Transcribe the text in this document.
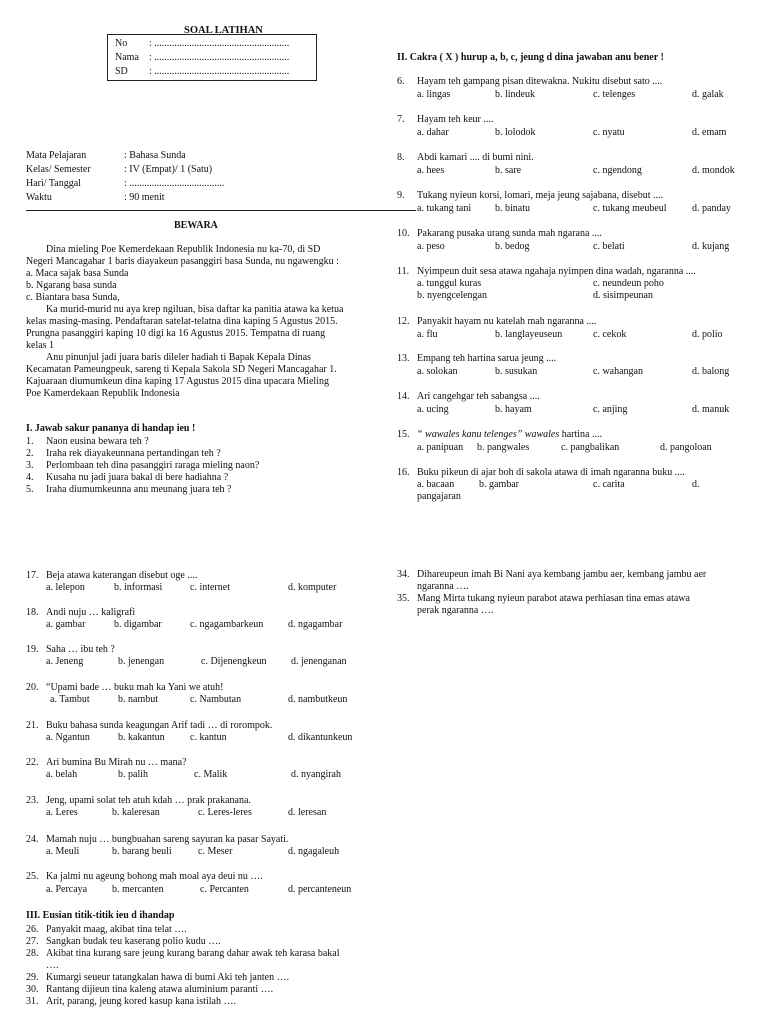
SOAL LATIHAN
No : ......................................................
Nama : ......................................................
SD : ......................................................
Mata Pelajaran	: Bahasa Sunda
Kelas/ Semester	: IV (Empat)/ 1 (Satu)
Hari/ Tanggal	: ......................................
Waktu	: 90 menit
BEWARA
Dina mieling Poe Kemerdekaan Republik Indonesia nu ka-70, di SD
Negeri Mancagahar 1 baris diayakeun pasanggiri basa Sunda, nu ngawengku :
a. Maca sajak basa Sunda
b. Ngarang basa sunda
c. Biantara basa Sunda,
Ka murid-murid nu aya krep ngiluan, bisa daftar ka panitia atawa ka ketua
kelas masing-masing. Pendaftaran satelat-telatna dina kaping 5 Agustus 2015.
Prungna pasanggiri kaping 10 digi ka 16 Agustus 2015. Tempatna di ruang
kelas 1
Anu pinunjul jadi juara baris dileler hadiah ti Bapak Kepala Dinas
Kecamatan Pameungpeuk, sareng ti Kepala Sakola SD Negeri Mancagahar 1.
Kajuaraan diumumkeun dina kaping 17 Agustus 2015 dina upacara Mieling
Poe Kamerdekaan Republik Indonesia
I. Jawab sakur pananya di handap ieu !
1.	Naon eusina bewara teh ?
2.	Iraha rek diayakeunnana pertandingan teh ?
3.	Perlombaan teh dina pasanggiri raraga mieling naon?
4.	Kusaha nu jadi juara bakal di bere hadiahna ?
5.	Iraha diumumkeunna anu meunang juara teh ?
II. Cakra ( X ) hurup a, b, c, jeung d dina jawaban anu bener !
6.	Hayam teh gampang pisan ditewakna. Nukitu disebut sato ....
a. lingas	b. lindeuk	c. telenges	d. galak
7.	Hayam teh keur ....
a. dahar	b. lolodok	c. nyatu	d. emam
8.	Abdi kamari .... di bumi nini.
a. hees	b. sare	c. ngendong	d. mondok
9.	Tukang nyieun korsi, lomari, meja jeung sajabana, disebut ....
a. tukang tani b. binatu	c. tukang meubeul	d. panday
10. Pakarang pusaka urang sunda mah ngarana ....
a. peso	b. bedog	c. belati	d. kujang
11. Nyimpeun duit sesa atawa ngahaja nyimpen dina wadah, ngaranna ....
a. tunggul kuras	c. neundeun poho
b. nyengcelengan	d. sisimpeunan
12. Panyakit hayam nu katelah mah ngaranna ....
a. flu	b. langlayeuseun	c. cekok	d. polio
13. Empang teh hartina sarua jeung ....
a. solokan	b. susukan	c. wahangan	d. balong
14. Ari cangehgar teh sabangsa ....
a. ucing	b. hayam	c. anjing	d. manuk
15. “ wawales kanu telenges” wawales hartina ....
a. panipuan b. pangwales	c. pangbalikan	d. pangoloan
16. Buku pikeun di ajar boh di sakola atawa di imah ngaranna buku ....
a. bacaan b. gambar	c. carita	d.
pangajaran
17. Beja atawa katerangan disebut oge ....
a. lelepon	b. informasi	c. internet	d. komputer
18. Andi nuju … kaligrafi
a. gambar	b. digambar	c. ngagambarkeun d. ngagambar
19. Saha … ibu teh ?
a. Jeneng	b. jenengan	c. Dijenengkeun d. jenenganan
20. “Upami bade … buku mah ka Yani we atuh!
a. Tambut	b. nambut	c. Nambutan	d. nambutkeun
21. Buku bahasa sunda keagungan Arif tadi … di rorompok.
a. Ngantun	b. kakantun	c. kantun	d. dikantunkeun
22. Ari bumina Bu Mirah nu … mana?
a. belah	b. palih	c. Malik	d. nyangirah
23. Jeng, upami solat teh atuh kdah … prak prakanana.
a. Leres	b. kaleresan	c. Leres-leres	d. leresan
24. Mamah nuju … bungbuahan sareng sayuran ka pasar Sayati.
a. Meuli	b. barang beuli	c. Meser	d. ngagaleuh
25. Ka jalmi nu ageung bohong mah moal aya deui nu ….
a. Percaya b. mercanten	c. Percanten	d. percanteneun
III. Eusian titik-titik ieu d ihandap
26. Panyakit maag, akibat tina telat ….
27. Sangkan budak teu kaserang polio kudu ….
28. Akibat tina kurang sare jeung kurang barang dahar awak teh karasa bakal
….
29. Kumargi seueur tatangkalan hawa di bumi Aki teh janten ….
30. Rantang dijieun tina kaleng atawa aluminium paranti ….
31. Arit, parang, jeung kored kasup kana istilah ….
34. Dihareupeun imah Bi Nani aya kembang jambu aer, kembang jambu aer
ngaranna ….
35. Mang Mirta tukang nyieun parabot atawa perhiasan tina emas atawa
perak ngaranna ….
